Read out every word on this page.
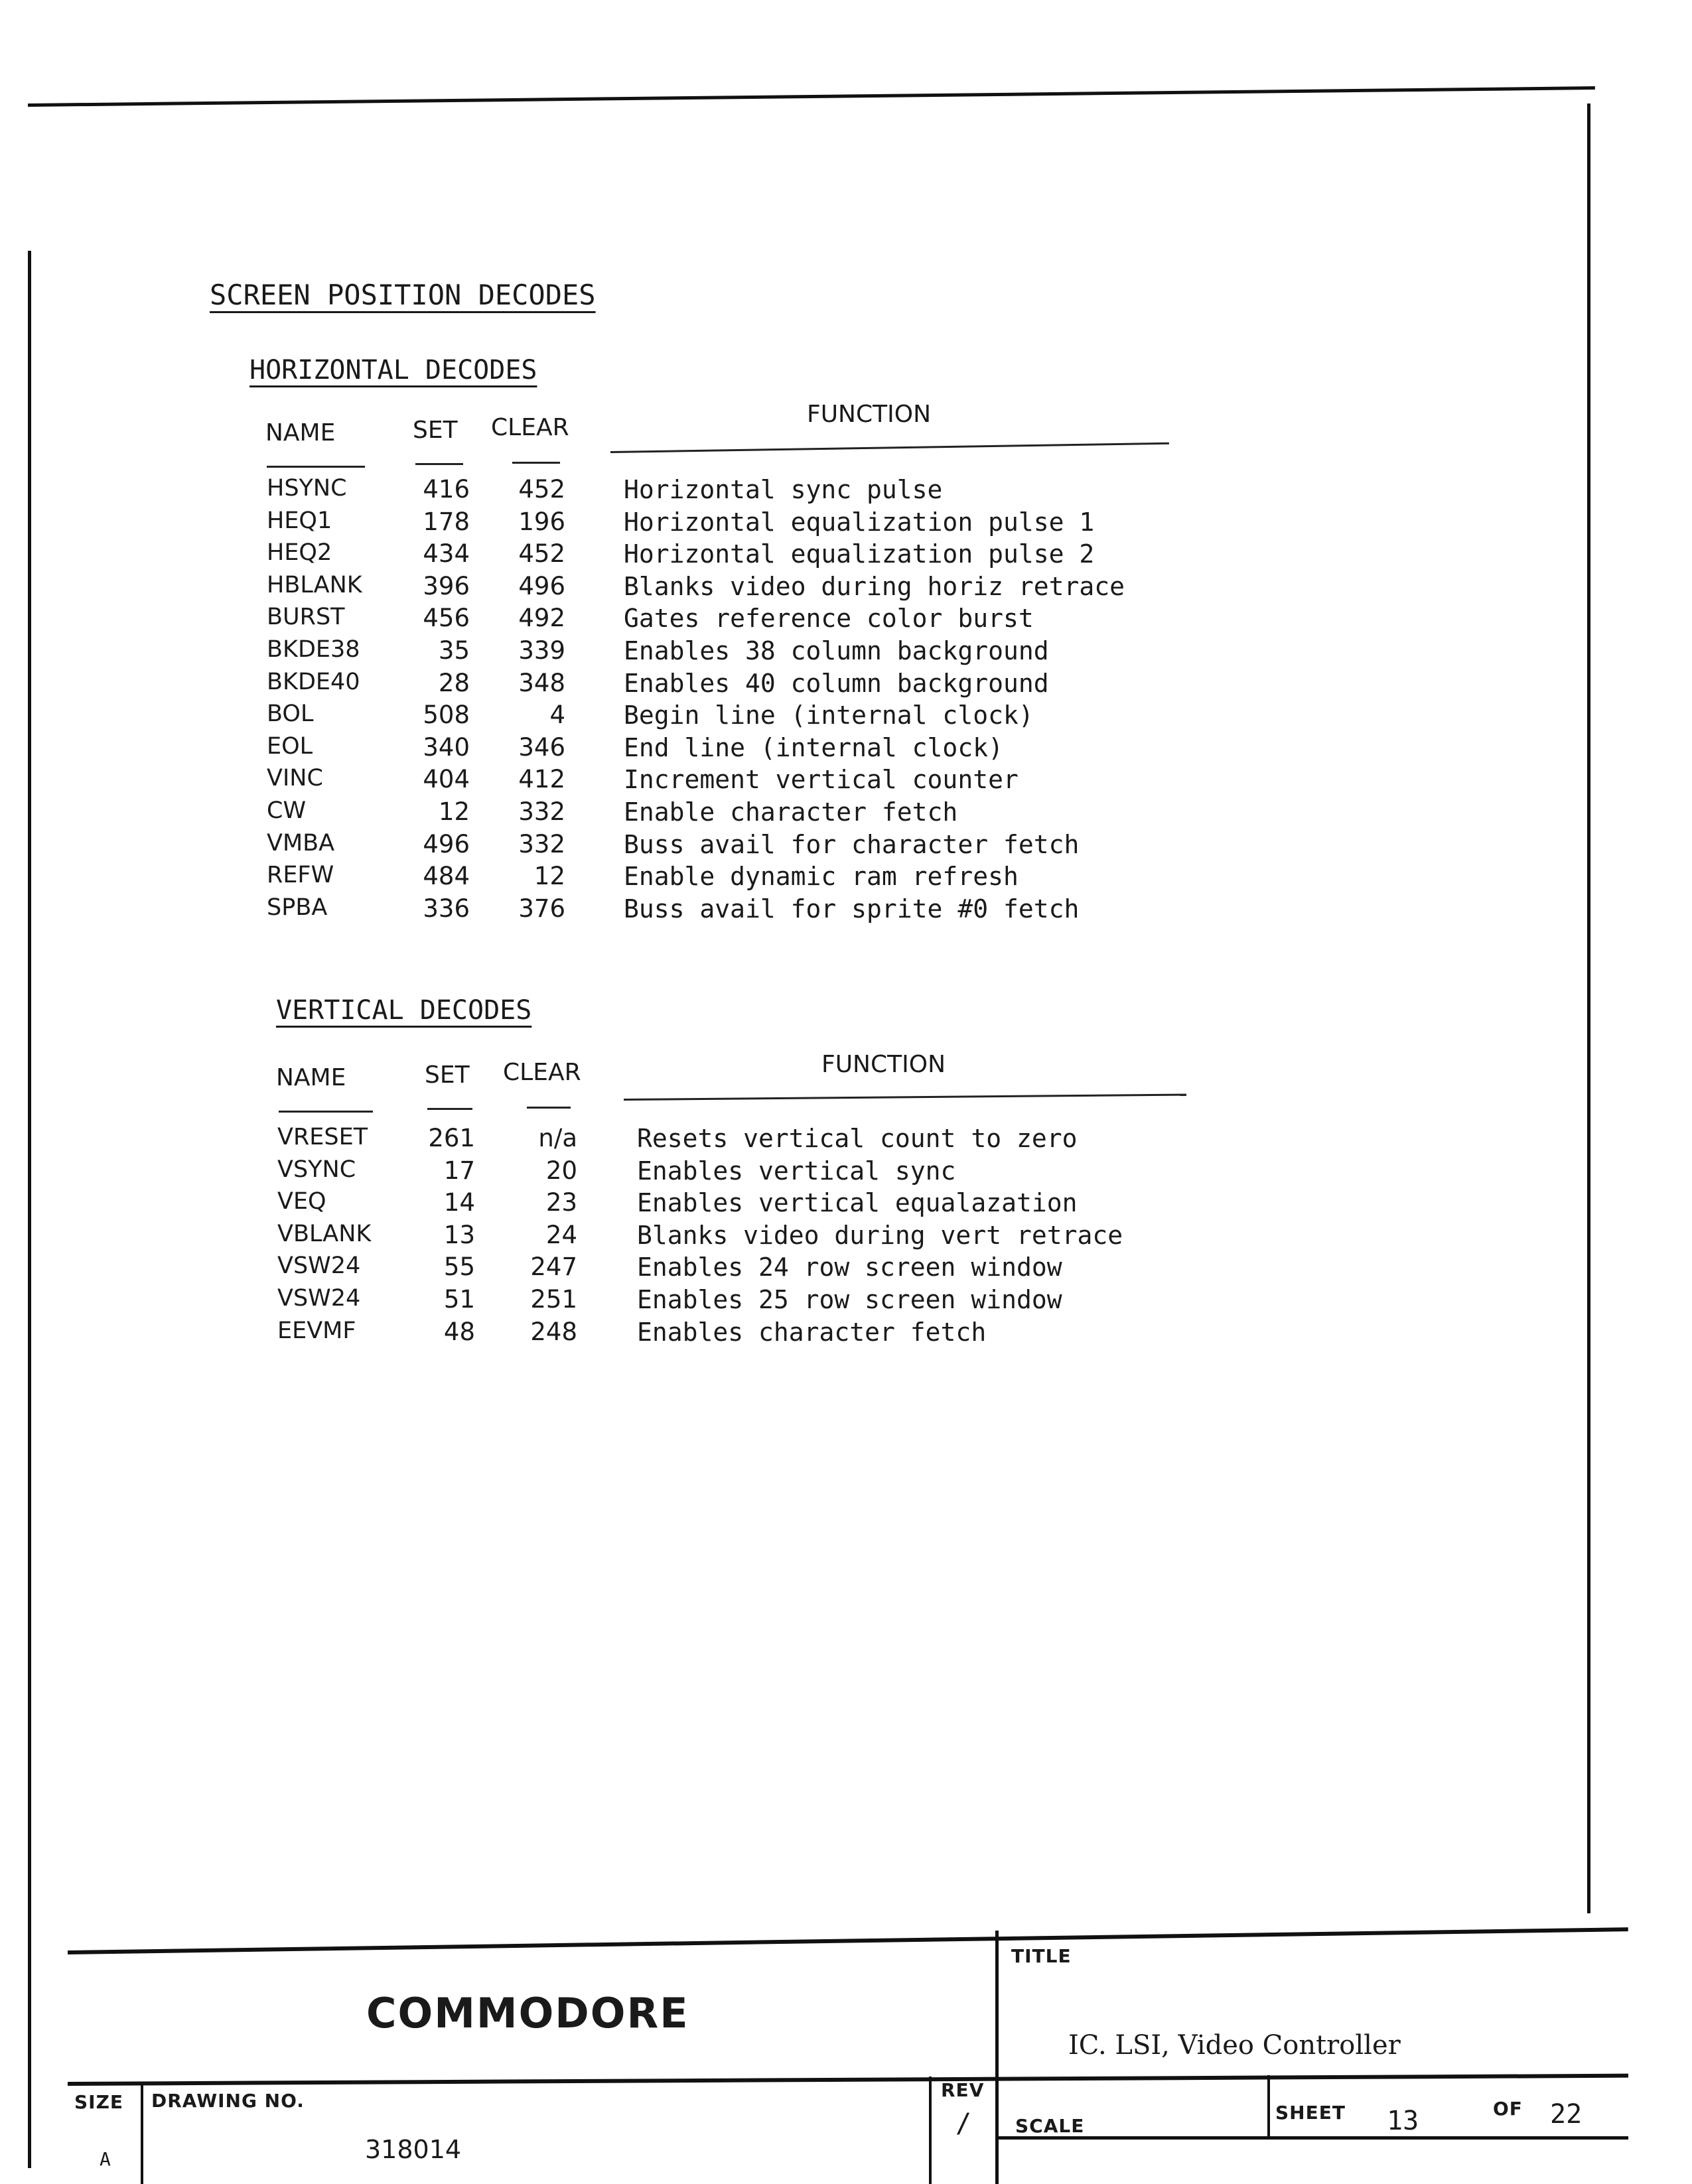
SCREEN POSITION DECODES
HORIZONTAL DECODES
NAME	SET CLEAR	FUNCTION
HSYNC	416	452 Horizontal sync pulse
HEQ1	178	196 Horizontal equalization pulse 1
HEQ2	434	452 Horizontal equalization pulse 2
HBLANK	396	496 Blanks video during horiz retrace
BURST	456	492 Gates reference color burst
BKDE38	35	339 Enables 38 column background
BKDE40	28	348 Enables 40 column background
BOL	508	4 Begin line (internal clock)
EOL	340	346 End line (internal clock)
VINC	404	412 Increment vertical counter
CW	12	332 Enable character fetch
VMBA	496	332 Buss avail for character fetch
REFW	484	12 Enable dynamic ram refresh
SPBA	336	376 Buss avail for sprite #0 fetch
VERTICAL DECODES
NAME	SET CLEAR	FUNCTION
VRESET	261	n/a Resets vertical count to zero
VSYNC	17	20 Enables vertical sync
VEQ	14	23 Enables vertical equalazation
VBLANK	13	24 Blanks video during vert retrace
VSW24	55	247 Enables 24 row screen window
VSW24	51	251 Enables 25 row screen window
EEVMF	48	248 Enables character fetch
COMMODORE
TITLE
IC. LSI, Video Controller
SIZE
A
DRAWING NO.
318014
REV
/ SCALE
SHEET 13	OF 22
